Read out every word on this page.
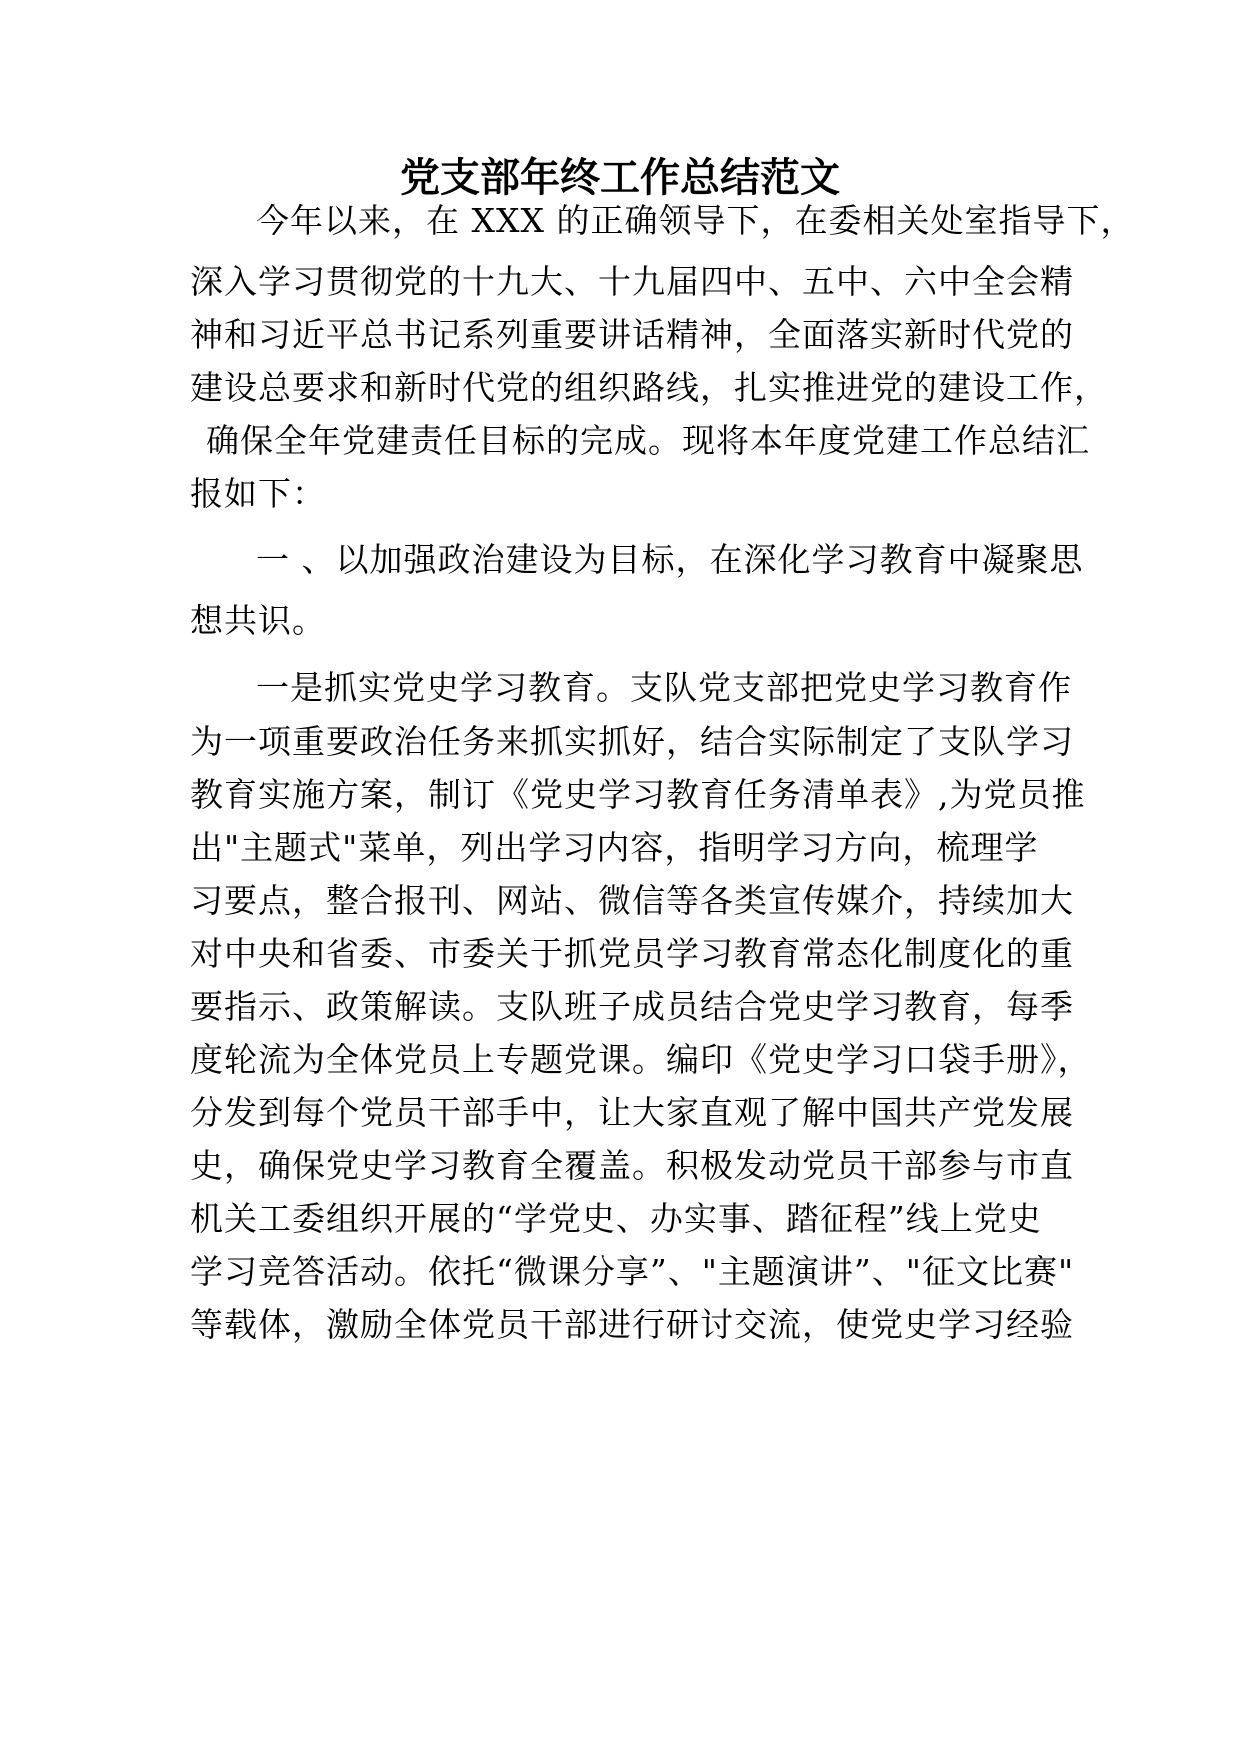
党支部年终工作总结范文
今年以来，在 XXX 的正确领导下，在委相关处室指导下，
深入学习贯彻党的十九大、十九届四中、五中、六中全会精
神和习近平总书记系列重要讲话精神，全面落实新时代党的
建设总要求和新时代党的组织路线，扎实推进党的建设工作，
确保全年党建责任目标的完成。现将本年度党建工作总结汇
报如下：
一 、以加强政治建设为目标，在深化学习教育中凝聚思
想共识。
一是抓实党史学习教育。支队党支部把党史学习教育作
为一项重要政治任务来抓实抓好，结合实际制定了支队学习
教育实施方案，制订《党史学习教育任务清单表》,为党员推
出"主题式"菜单，列出学习内容，指明学习方向，梳理学
习要点，整合报刊、网站、微信等各类宣传媒介，持续加大
对中央和省委、市委关于抓党员学习教育常态化制度化的重
要指示、政策解读。支队班子成员结合党史学习教育，每季
度轮流为全体党员上专题党课。编印《党史学习口袋手册》，
分发到每个党员干部手中，让大家直观了解中国共产党发展
史，确保党史学习教育全覆盖。积极发动党员干部参与市直
机关工委组织开展的“学党史、办实事、踏征程”线上党史
学习竞答活动。依托“微课分享”、"主题演讲”、"征文比赛"
等载体，激励全体党员干部进行研讨交流，使党史学习经验
